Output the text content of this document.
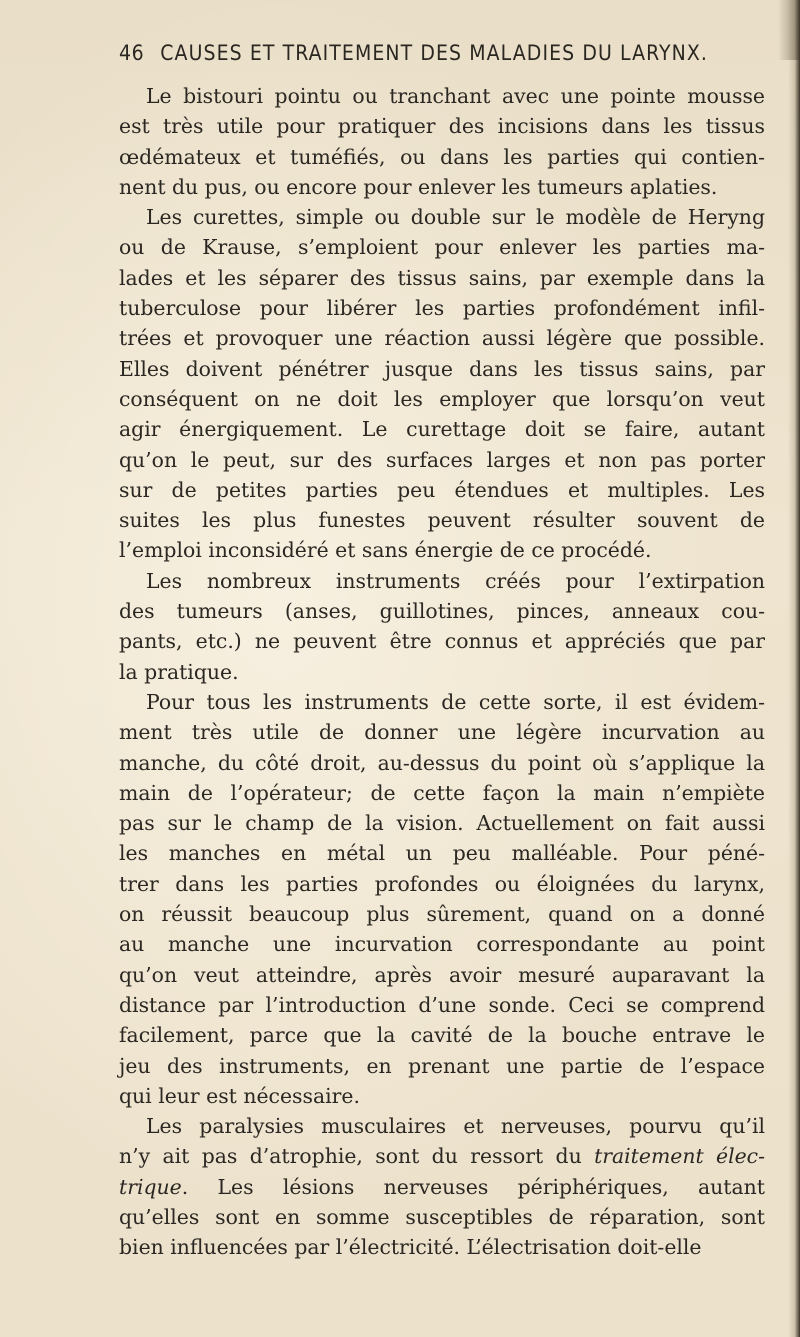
46 CAUSES ET TRAITEMENT DES MALADIES DU LARYNX.
Le bistouri pointu ou tranchant avec une pointe mousse
est très utile pour pratiquer des incisions dans les tissus
œdémateux et tuméfiés, ou dans les parties qui contien-
nent du pus, ou encore pour enlever les tumeurs aplaties.
Les curettes, simple ou double sur le modèle de Heryng
ou de Krause, s’emploient pour enlever les parties ma-
lades et les séparer des tissus sains, par exemple dans la
tuberculose pour libérer les parties profondément infil-
trées et provoquer une réaction aussi légère que possible.
Elles doivent pénétrer jusque dans les tissus sains, par
conséquent on ne doit les employer que lorsqu’on veut
agir énergiquement. Le curettage doit se faire, autant
qu’on le peut, sur des surfaces larges et non pas porter
sur de petites parties peu étendues et multiples. Les
suites les plus funestes peuvent résulter souvent de
l’emploi inconsidéré et sans énergie de ce procédé.
Les nombreux instruments créés pour l’extirpation
des tumeurs (anses, guillotines, pinces, anneaux cou-
pants, etc.) ne peuvent être connus et appréciés que par
la pratique.
Pour tous les instruments de cette sorte, il est évidem-
ment très utile de donner une légère incurvation au
manche, du côté droit, au-dessus du point où s’applique la
main de l’opérateur; de cette façon la main n’empiète
pas sur le champ de la vision. Actuellement on fait aussi
les manches en métal un peu malléable. Pour péné-
trer dans les parties profondes ou éloignées du larynx,
on réussit beaucoup plus sûrement, quand on a donné
au manche une incurvation correspondante au point
qu’on veut atteindre, après avoir mesuré auparavant la
distance par l’introduction d’une sonde. Ceci se comprend
facilement, parce que la cavité de la bouche entrave le
jeu des instruments, en prenant une partie de l’espace
qui leur est nécessaire.
Les paralysies musculaires et nerveuses, pourvu qu’il
n’y ait pas d’atrophie, sont du ressort du traitement élec-
trique. Les lésions nerveuses périphériques, autant
qu’elles sont en somme susceptibles de réparation, sont
bien influencées par l’électricité. L’électrisation doit-elle
